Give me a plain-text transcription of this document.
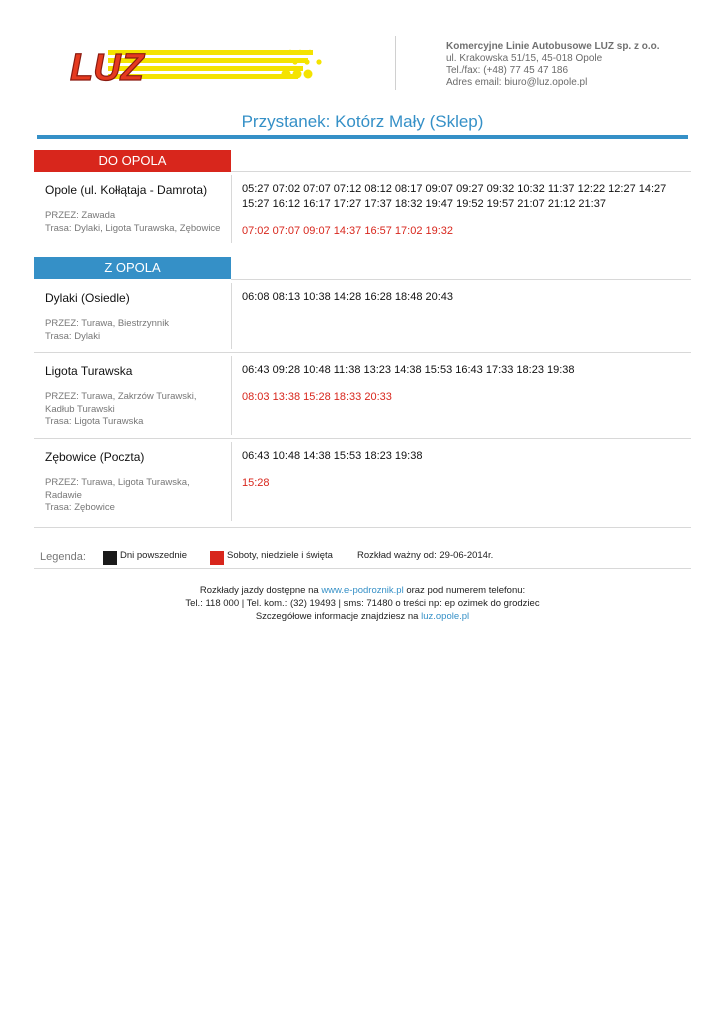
LUZ
Komercyjne Linie Autobusowe LUZ sp. z o.o.
ul. Krakowska 51/15, 45-018 Opole
Tel./fax: (+48) 77 45 47 186
Adres email: biuro@luz.opole.pl
Przystanek: Kotórz Mały (Sklep)
DO OPOLA
Opole (ul. Kołłątaja - Damrota)
PRZEZ: Zawada
Trasa: Dylaki, Ligota Turawska, Zębowice
05:27 07:02 07:07 07:12 08:12 08:17 09:07 09:27 09:32 10:32 11:37 12:22 12:27 14:27 15:27 16:12 16:17 17:27 17:37 18:32 19:47 19:52 19:57 21:07 21:12 21:37
07:02 07:07 09:07 14:37 16:57 17:02 19:32
Z OPOLA
Dylaki (Osiedle)
PRZEZ: Turawa, Biestrzynnik
Trasa: Dylaki
06:08 08:13 10:38 14:28 16:28 18:48 20:43
Ligota Turawska
PRZEZ: Turawa, Zakrzów Turawski, Kadłub Turawski
Trasa: Ligota Turawska
06:43 09:28 10:48 11:38 13:23 14:38 15:53 16:43 17:33 18:23 19:38
08:03 13:38 15:28 18:33 20:33
Zębowice (Poczta)
PRZEZ: Turawa, Ligota Turawska, Radawie
Trasa: Zębowice
06:43 10:48 14:38 15:53 18:23 19:38
15:28
Legenda:	Dni powszednie	Soboty, niedziele i święta	Rozkład ważny od: 29-06-2014r.
Rozkłady jazdy dostępne na www.e-podroznik.pl oraz pod numerem telefonu:
Tel.: 118 000 | Tel. kom.: (32) 19493 | sms: 71480 o treści np: ep ozimek do grodziec
Szczegółowe informacje znajdziesz na luz.opole.pl
